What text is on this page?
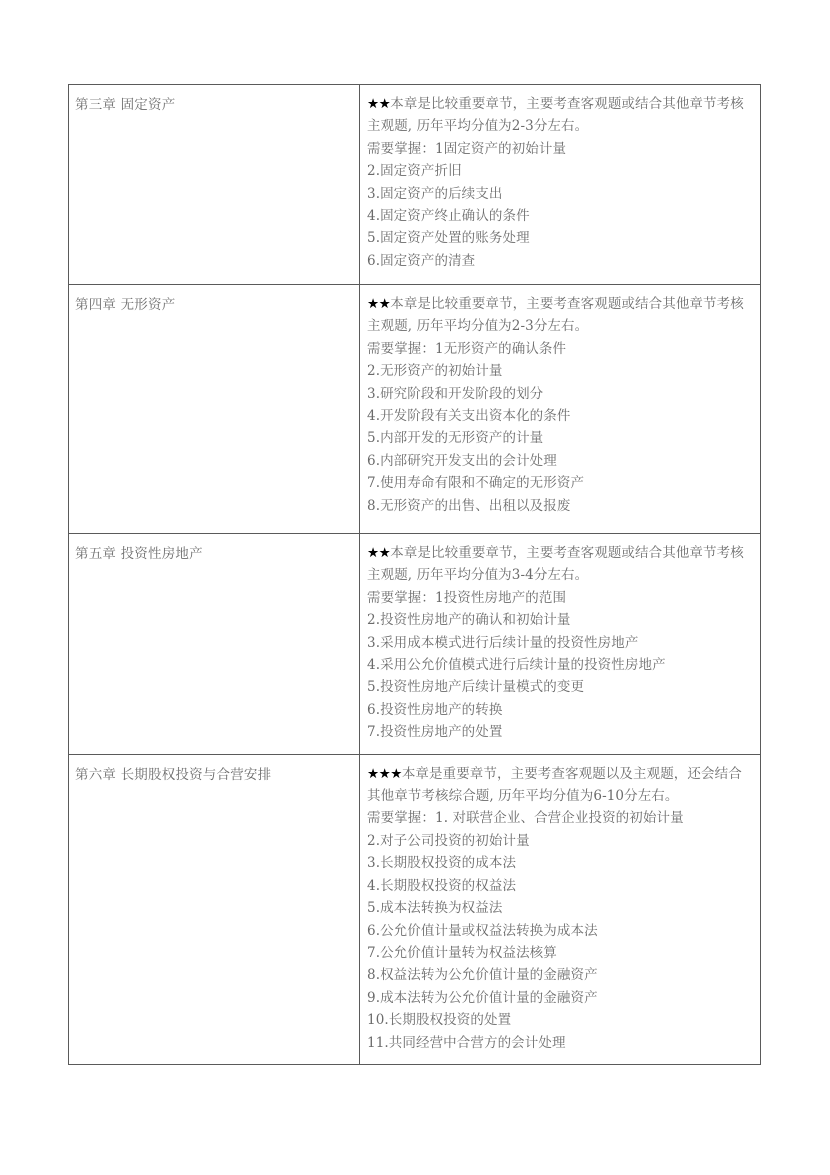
第三章 固定资产	★★本章是比较重要章节，主要考查客观题或结合其他章节考核主观题, 历年平均分值为2-3分左右。
需要掌握：1固定资产的初始计量
2.固定资产折旧
3.固定资产的后续支出
4.固定资产终止确认的条件
5.固定资产处置的账务处理
6.固定资产的清查

第四章 无形资产	★★本章是比较重要章节，主要考查客观题或结合其他章节考核主观题, 历年平均分值为2-3分左右。
需要掌握：1无形资产的确认条件
2.无形资产的初始计量
3.研究阶段和开发阶段的划分
4.开发阶段有关支出资本化的条件
5.内部开发的无形资产的计量
6.内部研究开发支出的会计处理
7.使用寿命有限和不确定的无形资产
8.无形资产的出售、出租以及报废

第五章 投资性房地产	★★本章是比较重要章节，主要考查客观题或结合其他章节考核主观题, 历年平均分值为3-4分左右。
需要掌握：1投资性房地产的范围
2.投资性房地产的确认和初始计量
3.采用成本模式进行后续计量的投资性房地产
4.采用公允价值模式进行后续计量的投资性房地产
5.投资性房地产后续计量模式的变更
6.投资性房地产的转换
7.投资性房地产的处置

第六章 长期股权投资与合营安排	★★★本章是重要章节，主要考查客观题以及主观题，还会结合其他章节考核综合题, 历年平均分值为6-10分左右。
需要掌握：1. 对联营企业、合营企业投资的初始计量
2.对子公司投资的初始计量
3.长期股权投资的成本法
4.长期股权投资的权益法
5.成本法转换为权益法
6.公允价值计量或权益法转换为成本法
7.公允价值计量转为权益法核算
8.权益法转为公允价值计量的金融资产
9.成本法转为公允价值计量的金融资产
10.长期股权投资的处置
11.共同经营中合营方的会计处理
